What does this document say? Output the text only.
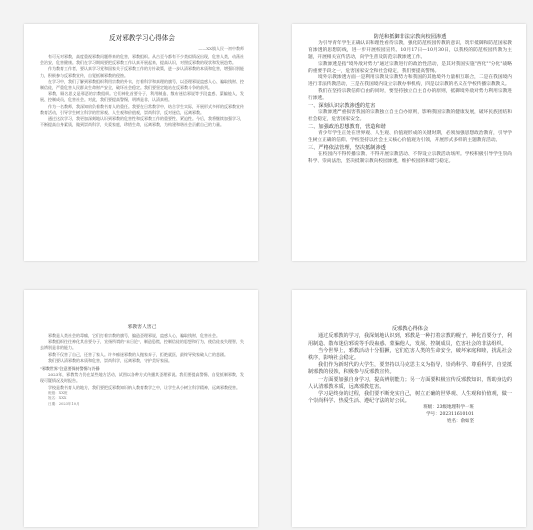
反对邪教学习心得体会

——XX镇人民一初中教师

有可无对邪教，高度重视邪教问题带来的危害，邪教组织。从古至今都有不少类似情况出现，危害人类，动荡社会治安，危害健康。我们在学习期间要把反邪教工作认真开展起来，提高认识，对照反邪教的现状和发展趋势。

作为教育工作者，要认真学习党和国家关于反邪教工作的方针政策，进一步认清邪教的本质和危害，增强识别能力，积极参与反邪教宣传，自觉抵制邪教的侵蚀。

在学习中，我们了解到邪教组织利用宗教的外衣，打着科学和真理的旗号，以歪理邪说蛊惑人心、骗取钱财、控制信徒，严重危害人民群众生命财产安全，破坏社会稳定。我们要坚定地站在反邪教斗争的前列。

邪教，顾名思义是邪恶的宗教组织。它们神化首要分子，利用制造、散布迷信邪说等手段蛊惑、蒙骗他人，发展、控制成员，危害社会。对此，我们要提高警惕，明辨是非，认清真相。

作为一名教师，我深知肩负着教书育人的重任。我要在日常教学中，结合学生实际，开展形式多样的反邪教宣传教育活动，引导学生树立科学的世界观、人生观和价值观，崇尚科学，反对迷信，远离邪教。

通过这次学习，我更加深刻地认识到邪教的危害性和反邪教工作的重要性、紧迫性。今后，我将继续加强学习，不断提高自身素质，做到崇尚科学，关爱家庭，珍惜生命，远离邪教，为构建和谐社会贡献自己的力量。

防范和抵御非法宗教向校园渗透

为引导青年学生正确认识和理性看待宗教，强化防范校园传教的意识，筑牢抵御和防范国家教育渗透的思想防线，进一步开展校园宣传。10月17日—10月30日，以我校的防范校园传教为主题，开展相关宣传活动，向学生普及防范宗教渗透工作。

宗教渗透是指"境外敌对势力"通过宗教进行的政治性活动，是其对我国实施"西化""分化"战略的重要手段之一，危害国家安全和社会稳定，我们要提高警惕。

境外宗教渗透方面一是利用宗教及宗教势力和我国的其他境外力量相互联合，二是在我国境内进行非法传教活动，三是在我国境内设立宗教办事机构，四是以宗教的名义在学校传播宗教教义。

我们在坚持宗教信仰自由的同时，要坚持独立自主自办的原则，抵御境外敌对势力利用宗教进行渗透。

一、深刻认识宗教渗透的危害

宗教渗透严重损害我国的宗教独立自主自办原则，影响我国宗教的健康发展，破坏民族团结和社会稳定，危害国家安全。

二、加强政治思想教育，营造和谐

青少年学生正处在世界观、人生观、价值观形成的关键时期，必须加强思想政治教育，引导学生树立正确的信仰。学校坚持以社会主义核心价值观为引领，开展形式多样的主题教育活动。

三、严格依法管理，坚决抵制渗透

在校园内不得传播宗教、不得开展宗教活动、不得设立宗教活动场所。学校积极引导学生崇尚科学、崇尚法治，坚决抵制宗教向校园渗透，维护校园的和谐与稳定。

邪教害人害己

邪教是人类社会的毒瘤，它们打着宗教的旗号，编造歪理邪说，蛊惑人心，骗取钱财，危害社会。

邪教组织往往神化其首要分子，宣扬所谓的"末日论"，制造恐慌，控制信徒的思想和行为，使信徒丧失理智，失去辨别是非的能力。

邪教不仅害了自己，还害了家人。许多痴迷邪教的人抛家弃子，拒绝就医，最终导致家破人亡的悲剧。

我们要认清邪教的本质和危害，崇尚科学，远离邪教，守护美好家园。

"邪教世界"注意要保持警惕与冷静

2023年，邪教势力仍在某些地方活动，试图以各种方式传播其歪理邪说。我们要提高警惕，自觉抵制邪教，发现可疑情况及时报告。

学校是教书育人的地方，我们要把反邪教知识纳入教育教学之中，让学生从小树立科学精神，远离邪教侵害。

班级：XX班

姓名：XXX

日期：2023年10月

反邪教心得体会

通过反邪教的学习，我深刻地认识到，邪教是一种打着宗教的幌子，神化首要分子，利用制造、散布迷信邪说等手段蛊惑、蒙骗他人，发展、控制成员，危害社会的非法组织。

当今世界上，邪教活动十分猖獗，它们危害人类的生命安全，破坏家庭和睦，扰乱社会秩序，影响社会稳定。

我们作为新时代的大学生，要坚持以马克思主义为指导，崇尚科学、尊重科学，自觉抵制邪教的侵蚀，积极参与反邪教宣传。

一方面要加强自身学习，提高辨别能力；另一方面要积极宣传反邪教知识，帮助身边的人认清邪教本质，远离邪教危害。

学习是终身的过程，我们要不断充实自己，树立正确的世界观、人生观和价值观，做一个崇尚科学、热爱生活、遵纪守法的好公民。

班级：23级地理科学一班

学号：202311610101

姓名：俞如坚
